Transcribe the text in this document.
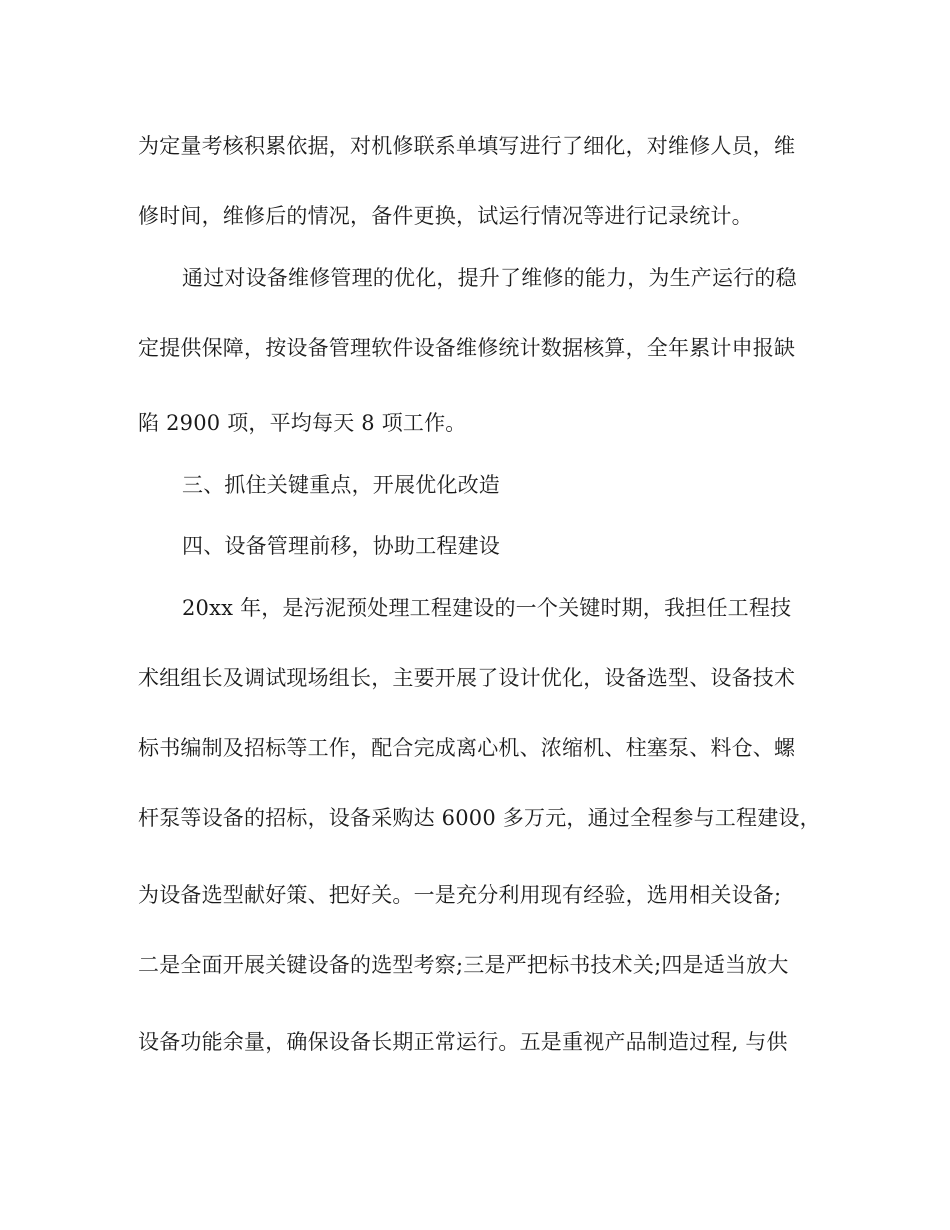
为定量考核积累依据，对机修联系单填写进行了细化，对维修人员，维
修时间，维修后的情况，备件更换，试运行情况等进行记录统计。
通过对设备维修管理的优化，提升了维修的能力，为生产运行的稳
定提供保障，按设备管理软件设备维修统计数据核算，全年累计申报缺
陷 2900 项，平均每天 8 项工作。
三、抓住关键重点，开展优化改造
四、设备管理前移，协助工程建设
20xx 年，是污泥预处理工程建设的一个关键时期，我担任工程技
术组组长及调试现场组长，主要开展了设计优化，设备选型、设备技术
标书编制及招标等工作，配合完成离心机、浓缩机、柱塞泵、料仓、螺
杆泵等设备的招标，设备采购达 6000 多万元，通过全程参与工程建设，
为设备选型献好策、把好关。一是充分利用现有经验，选用相关设备;
二是全面开展关键设备的选型考察;三是严把标书技术关;四是适当放大
设备功能余量，确保设备长期正常运行。五是重视产品制造过程, 与供
